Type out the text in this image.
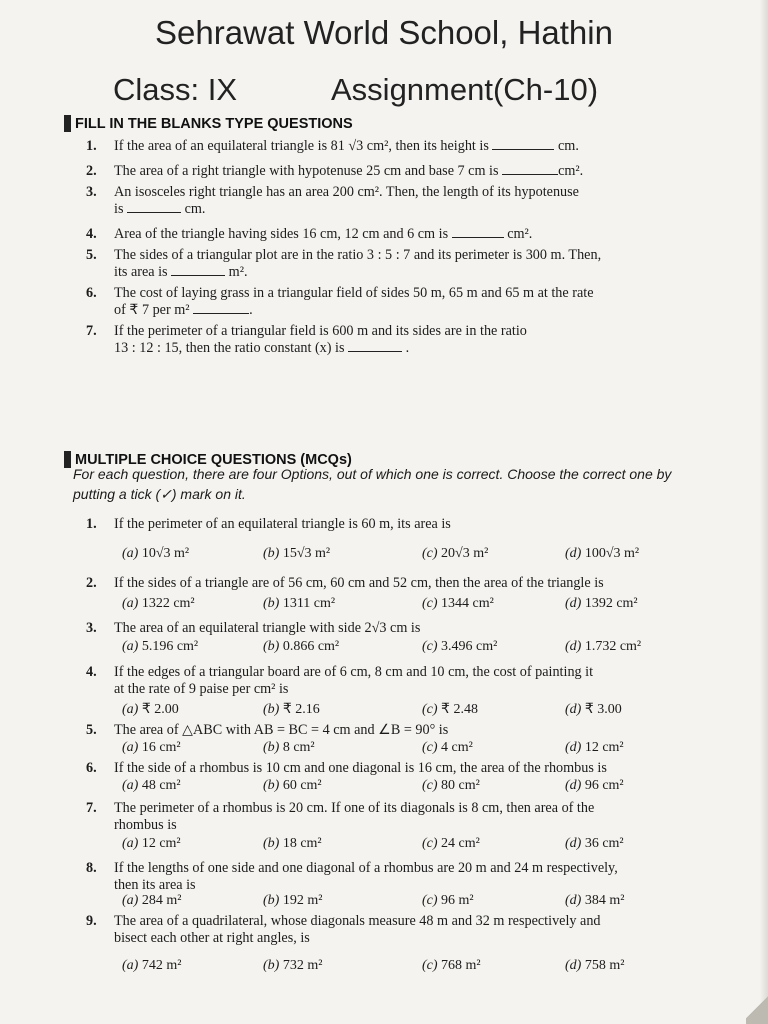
Sehrawat World School, Hathin
Class: IX	Assignment(Ch-10)
FILL IN THE BLANKS TYPE QUESTIONS
1. If the area of an equilateral triangle is 81 √3 cm², then its height is	cm.
2. The area of a right triangle with hypotenuse 25 cm and base 7 cm is	cm².
3. An isosceles right triangle has an area 200 cm². Then, the length of its hypotenuse
is	cm.
4. Area of the triangle having sides 16 cm, 12 cm and 6 cm is	cm².
5. The sides of a triangular plot are in the ratio 3 : 5 : 7 and its perimeter is 300 m. Then,
its area is	m².
6. The cost of laying grass in a triangular field of sides 50 m, 65 m and 65 m at the rate
of ₹ 7 per m²	.
7. If the perimeter of a triangular field is 600 m and its sides are in the ratio
13 : 12 : 15, then the ratio constant (x) is	.
MULTIPLE CHOICE QUESTIONS (MCQs)
For each question, there are four Options, out of which one is correct. Choose the correct one by putting a tick (✓) mark on it.
1. If the perimeter of an equilateral triangle is 60 m, its area is
(a) 10√3 m²	(b) 15√3 m²	(c) 20√3 m²	(d) 100√3 m²
2. If the sides of a triangle are of 56 cm, 60 cm and 52 cm, then the area of the triangle is
(a) 1322 cm²	(b) 1311 cm²	(c) 1344 cm²	(d) 1392 cm²
3. The area of an equilateral triangle with side 2√3 cm is
(a) 5.196 cm²	(b) 0.866 cm²	(c) 3.496 cm²	(d) 1.732 cm²
4. If the edges of a triangular board are of 6 cm, 8 cm and 10 cm, the cost of painting it
at the rate of 9 paise per cm² is
(a) ₹ 2.00	(b) ₹ 2.16	(c) ₹ 2.48	(d) ₹ 3.00
5. The area of △ABC with AB = BC = 4 cm and ∠B = 90° is
(a) 16 cm²	(b) 8 cm²	(c) 4 cm²	(d) 12 cm²
6. If the side of a rhombus is 10 cm and one diagonal is 16 cm, the area of the rhombus is
(a) 48 cm²	(b) 60 cm²	(c) 80 cm²	(d) 96 cm²
7. The perimeter of a rhombus is 20 cm. If one of its diagonals is 8 cm, then area of the
rhombus is
(a) 12 cm²	(b) 18 cm²	(c) 24 cm²	(d) 36 cm²
8. If the lengths of one side and one diagonal of a rhombus are 20 m and 24 m respectively,
then its area is
(a) 284 m²	(b) 192 m²	(c) 96 m²	(d) 384 m²
9. The area of a quadrilateral, whose diagonals measure 48 m and 32 m respectively and
bisect each other at right angles, is
(a) 742 m²	(b) 732 m²	(c) 768 m²	(d) 758 m²
